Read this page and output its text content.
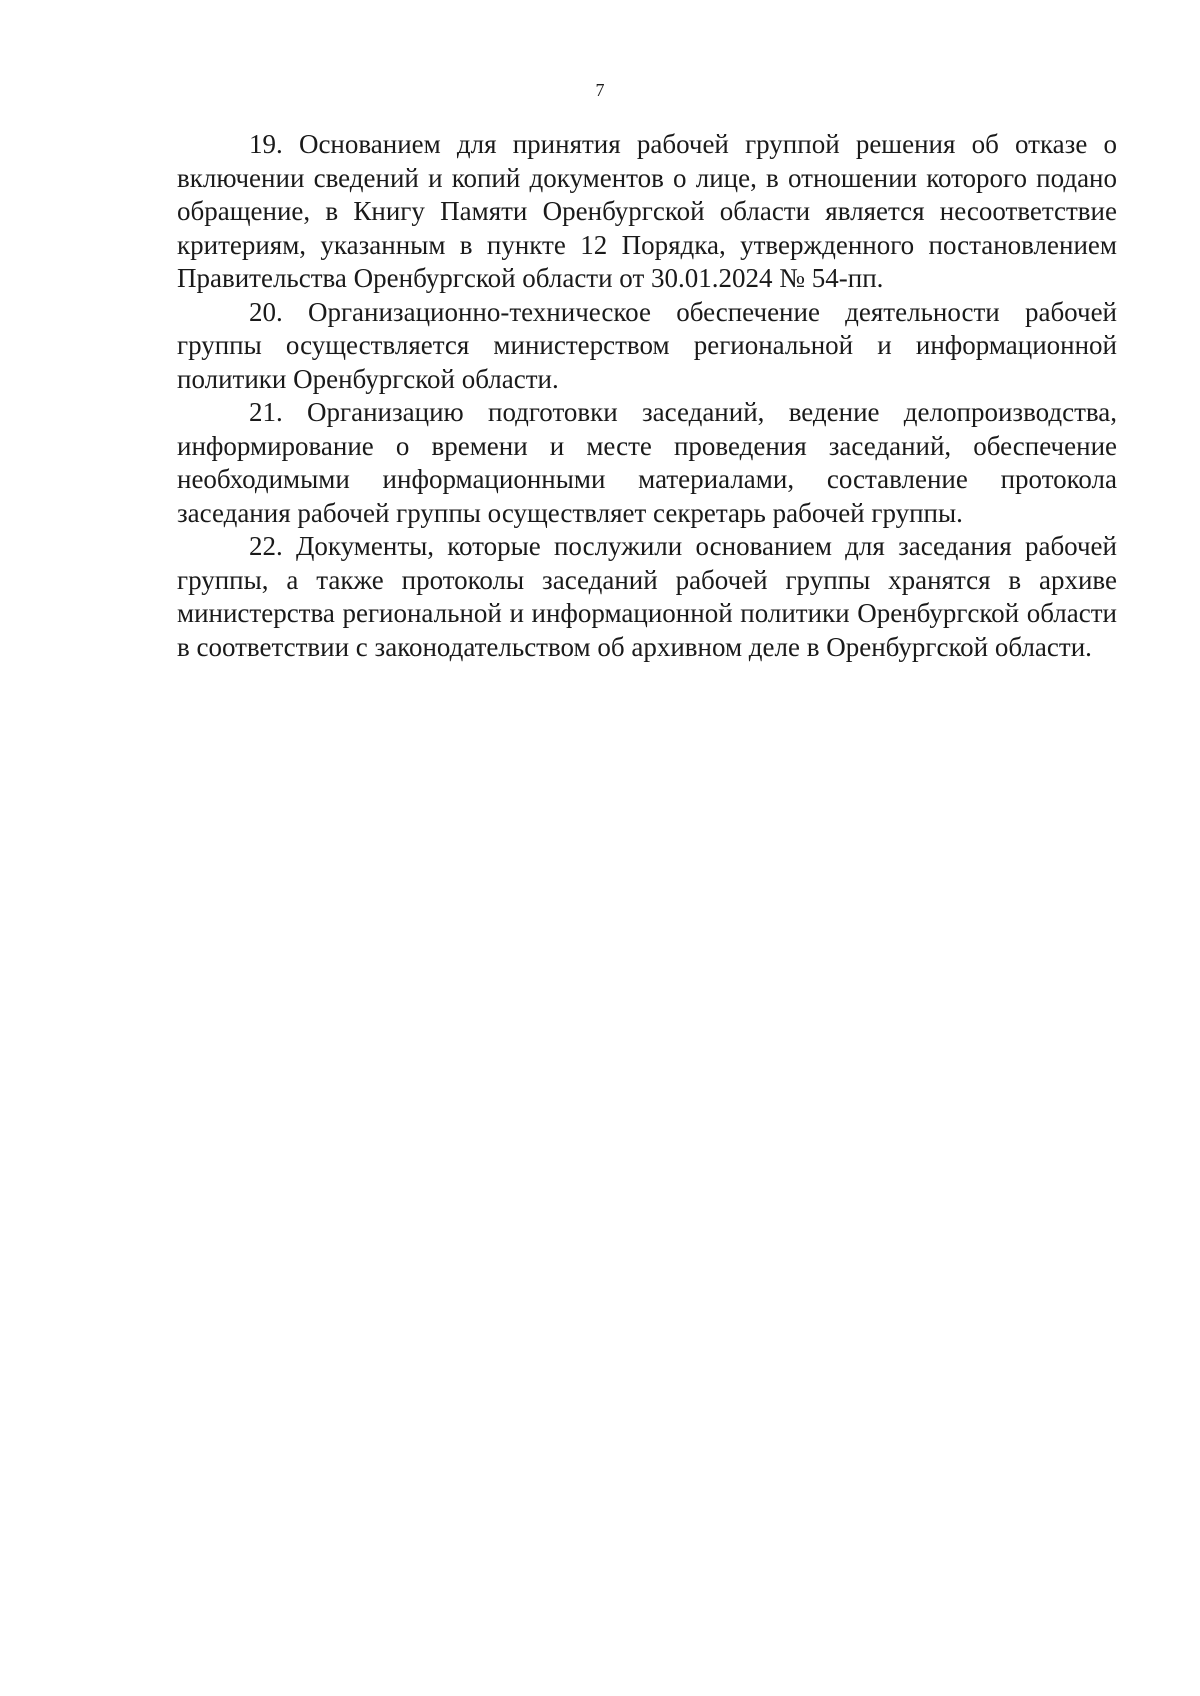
7

19. Основанием для принятия рабочей группой решения об отказе о включении сведений и копий документов о лице, в отношении которого подано обращение, в Книгу Памяти Оренбургской области является несоответствие критериям, указанным в пункте 12 Порядка, утвержденного постановлением Правительства Оренбургской области от 30.01.2024 № 54-пп.

20. Организационно-техническое обеспечение деятельности рабочей группы осуществляется министерством региональной и информационной политики Оренбургской области.

21. Организацию подготовки заседаний, ведение делопроизводства, информирование о времени и месте проведения заседаний, обеспечение необходимыми информационными материалами, составление протокола заседания рабочей группы осуществляет секретарь рабочей группы.

22. Документы, которые послужили основанием для заседания рабочей группы, а также протоколы заседаний рабочей группы хранятся в архиве министерства региональной и информационной политики Оренбургской области в соответствии с законодательством об архивном деле в Оренбургской области.
